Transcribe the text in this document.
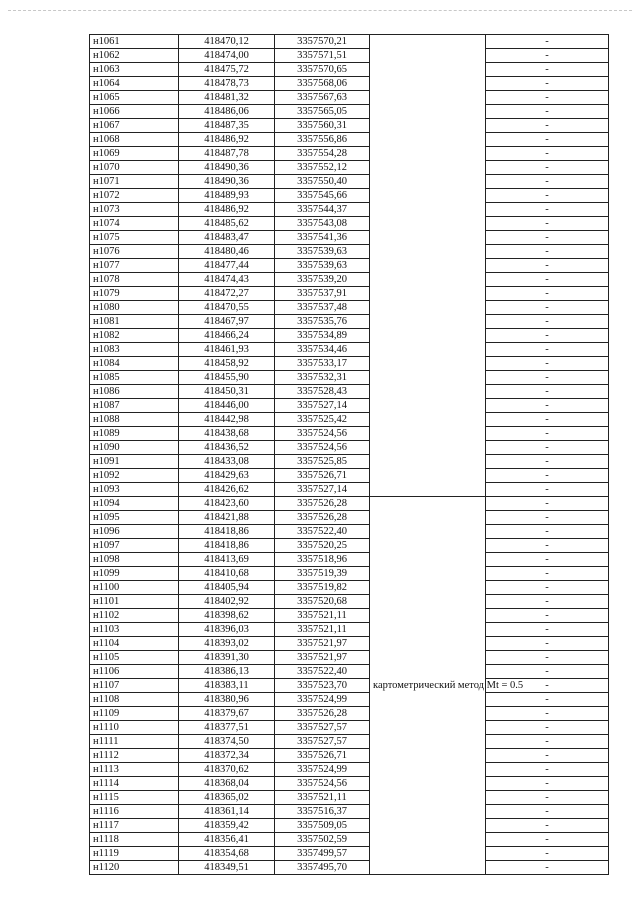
н1061	418470,12	3357570,21		-
н1062	418474,00	3357571,51		-
н1063	418475,72	3357570,65		-
н1064	418478,73	3357568,06		-
н1065	418481,32	3357567,63		-
н1066	418486,06	3357565,05		-
н1067	418487,35	3357560,31		-
н1068	418486,92	3357556,86		-
н1069	418487,78	3357554,28		-
н1070	418490,36	3357552,12		-
н1071	418490,36	3357550,40		-
н1072	418489,93	3357545,66		-
н1073	418486,92	3357544,37		-
н1074	418485,62	3357543,08		-
н1075	418483,47	3357541,36		-
н1076	418480,46	3357539,63		-
н1077	418477,44	3357539,63		-
н1078	418474,43	3357539,20		-
н1079	418472,27	3357537,91		-
н1080	418470,55	3357537,48		-
н1081	418467,97	3357535,76		-
н1082	418466,24	3357534,89		-
н1083	418461,93	3357534,46		-
н1084	418458,92	3357533,17		-
н1085	418455,90	3357532,31		-
н1086	418450,31	3357528,43		-
н1087	418446,00	3357527,14		-
н1088	418442,98	3357525,42		-
н1089	418438,68	3357524,56		-
н1090	418436,52	3357524,56		-
н1091	418433,08	3357525,85		-
н1092	418429,63	3357526,71		-
н1093	418426,62	3357527,14		-
н1094	418423,60	3357526,28	картометрический метод Mt = 0.5	-
н1095	418421,88	3357526,28		-
н1096	418418,86	3357522,40		-
н1097	418418,86	3357520,25		-
н1098	418413,69	3357518,96		-
н1099	418410,68	3357519,39		-
н1100	418405,94	3357519,82		-
н1101	418402,92	3357520,68		-
н1102	418398,62	3357521,11		-
н1103	418396,03	3357521,11		-
н1104	418393,02	3357521,97		-
н1105	418391,30	3357521,97		-
н1106	418386,13	3357522,40		-
н1107	418383,11	3357523,70		-
н1108	418380,96	3357524,99		-
н1109	418379,67	3357526,28		-
н1110	418377,51	3357527,57		-
н1111	418374,50	3357527,57		-
н1112	418372,34	3357526,71		-
н1113	418370,62	3357524,99		-
н1114	418368,04	3357524,56		-
н1115	418365,02	3357521,11		-
н1116	418361,14	3357516,37		-
н1117	418359,42	3357509,05		-
н1118	418356,41	3357502,59		-
н1119	418354,68	3357499,57		-
н1120	418349,51	3357495,70		-
